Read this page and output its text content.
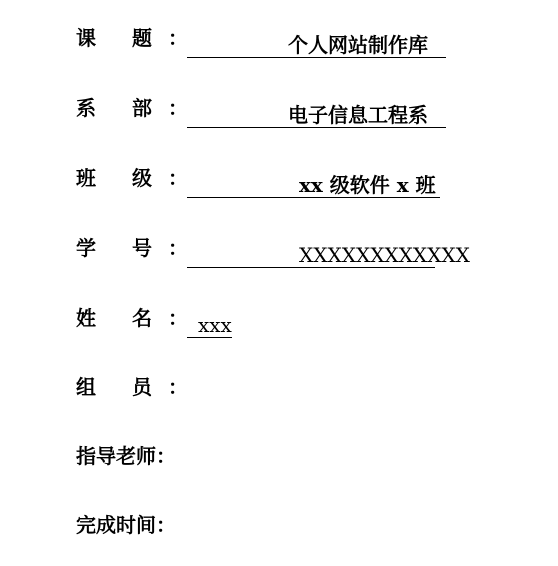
课 题 ：	个人网站制作库
系 部 ：	电子信息工程系
班 级 ：	xx 级软件 x 班
学 号 ：	XXXXXXXXXXXX
姓 名 ： xxx
组 员 ：
指导老师：
完成时间：
